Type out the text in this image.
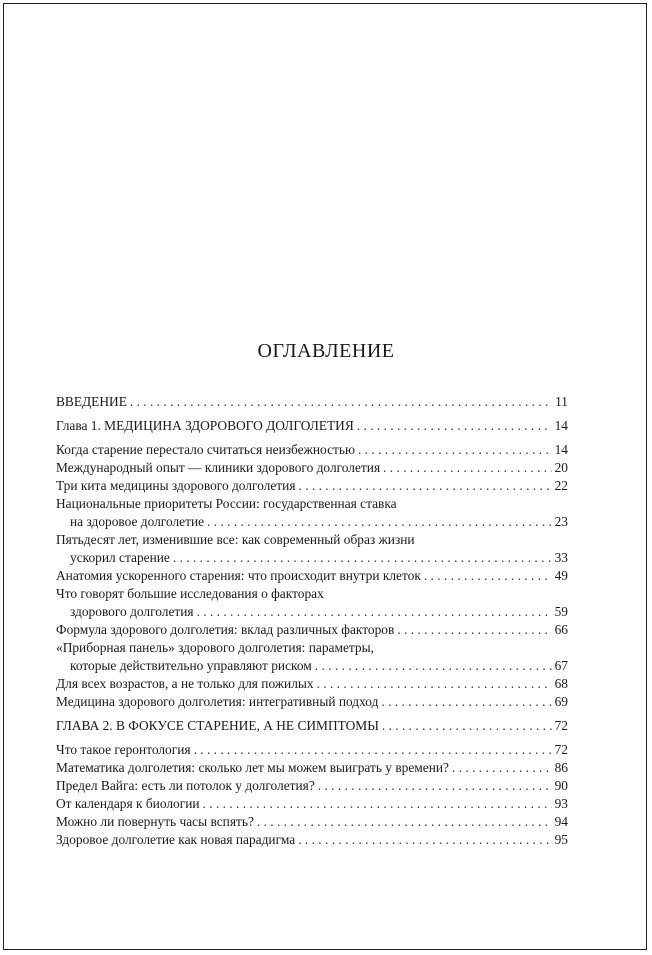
ОГЛАВЛЕНИЕ
ВВЕДЕНИЕ . . .	11
Глава 1. МЕДИЦИНА ЗДОРОВОГО ДОЛГОЛЕТИЯ . . .	14
Когда старение перестало считаться неизбежностью . . .	14
Международный опыт — клиники здорового долголетия . . .	20
Три кита медицины здорового долголетия . . .	22
Национальные приоритеты России: государственная ставка
на здоровое долголетие . . .	23
Пятьдесят лет, изменившие все: как современный образ жизни
ускорил старение . . .	33
Анатомия ускоренного старения: что происходит внутри клеток . . .	49
Что говорят большие исследования о факторах
здорового долголетия . . .	59
Формула здорового долголетия: вклад различных факторов . . .	66
«Приборная панель» здорового долголетия: параметры,
которые действительно управляют риском . . .	67
Для всех возрастов, а не только для пожилых . . .	68
Медицина здорового долголетия: интегративный подход . . .	69
ГЛАВА 2. В ФОКУСЕ СТАРЕНИЕ, А НЕ СИМПТОМЫ . . .	72
Что такое геронтология . . .	72
Математика долголетия: сколько лет мы можем выиграть у времени? . . .	86
Предел Вайга: есть ли потолок у долголетия? . . .	90
От календаря к биологии . . .	93
Можно ли повернуть часы вспять? . . .	94
Здоровое долголетие как новая парадигма . . .	95
